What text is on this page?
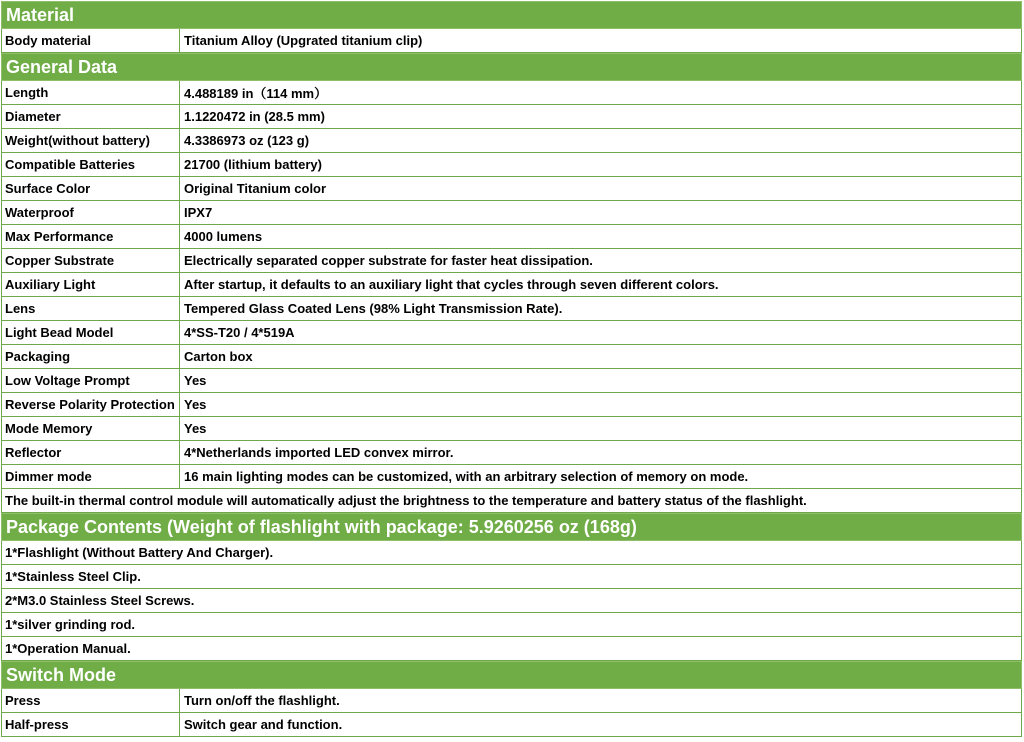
Material
Body material	Titanium Alloy (Upgrated titanium clip)
General Data
Length	4.488189 in（114 mm）
Diameter	1.1220472 in (28.5 mm)
Weight(without battery)	4.3386973 oz (123 g)
Compatible Batteries	21700 (lithium battery)
Surface Color	Original Titanium color
Waterproof	IPX7
Max Performance	4000 lumens
Copper Substrate	Electrically separated copper substrate for faster heat dissipation.
Auxiliary Light	After startup, it defaults to an auxiliary light that cycles through seven different colors.
Lens	Tempered Glass Coated Lens (98% Light Transmission Rate).
Light Bead Model	4*SS-T20 / 4*519A
Packaging	Carton box
Low Voltage Prompt	Yes
Reverse Polarity Protection Yes
Mode Memory	Yes
Reflector	4*Netherlands imported LED convex mirror.
Dimmer mode	16 main lighting modes can be customized, with an arbitrary selection of memory on mode.
The built-in thermal control module will automatically adjust the brightness to the temperature and battery status of the flashlight.
Package Contents (Weight of flashlight with package: 5.9260256 oz (168g)
1*Flashlight (Without Battery And Charger).
1*Stainless Steel Clip.
2*M3.0 Stainless Steel Screws.
1*silver grinding rod.
1*Operation Manual.
Switch Mode
Press	Turn on/off the flashlight.
Half-press	Switch gear and function.
